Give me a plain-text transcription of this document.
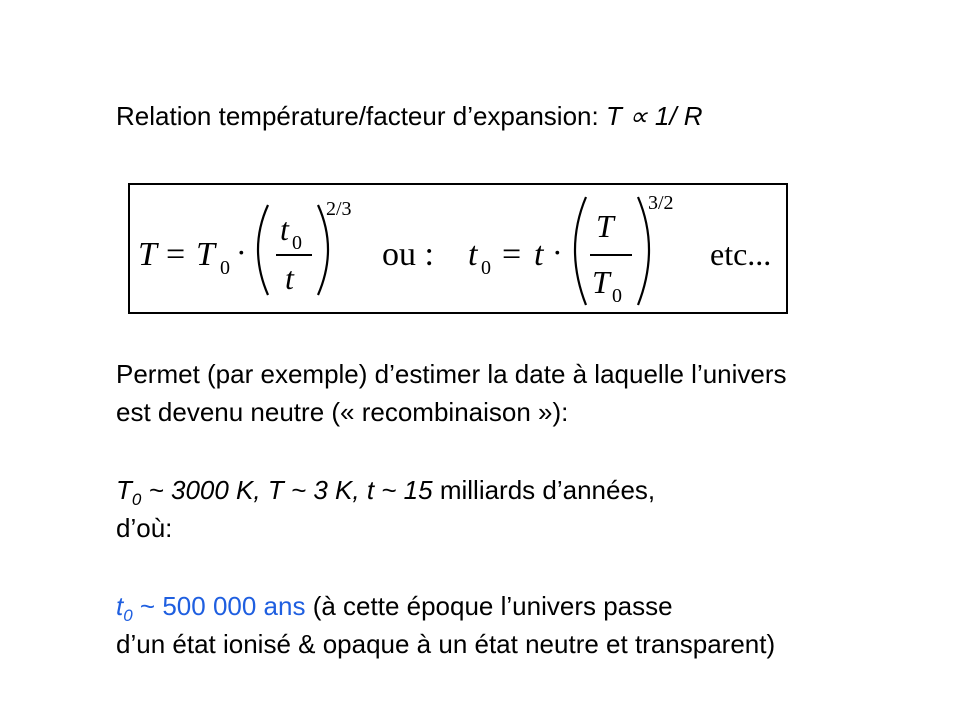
Relation température/facteur d’expansion: T ∝ 1/ R
T = T 0 ·
t 0
t
2/3
ou : t 0 = t ·
T
T 0
3/2
etc...
Permet (par exemple) d’estimer la date à laquelle l’univers
est devenu neutre (« recombinaison »):
$T_0$ ~ 3000 K, T ~ 3 K, t ~ 15 milliards d’années,
d’où:
$t_0$ ~ 500 000 ans (à cette époque l’univers passe
d’un état ionisé & opaque à un état neutre et transparent)
